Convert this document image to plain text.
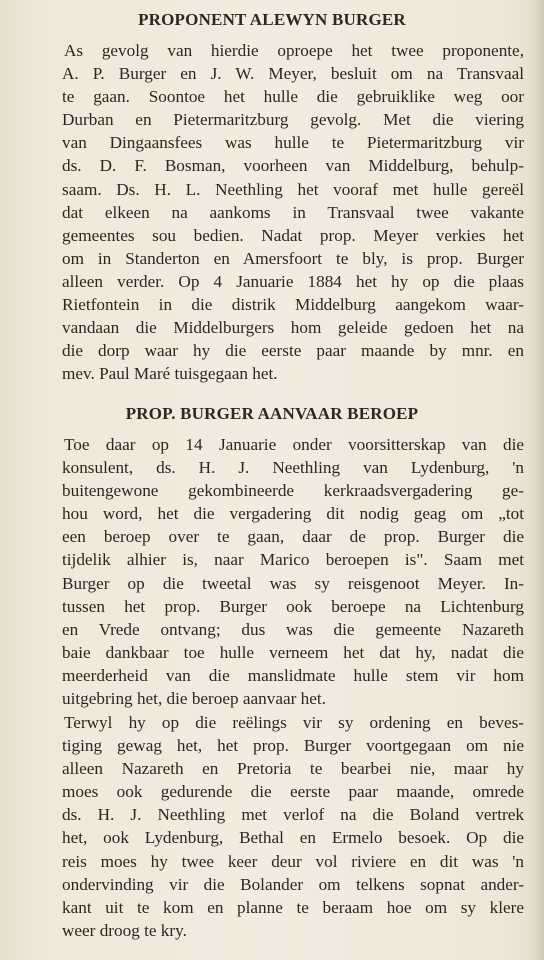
PROPONENT ALEWYN BURGER
As gevolg van hierdie oproepe het twee proponente,
A. P. Burger en J. W. Meyer, besluit om na Transvaal
te gaan. Soontoe het hulle die gebruiklike weg oor
Durban en Pietermaritzburg gevolg. Met die viering
van Dingaansfees was hulle te Pietermaritzburg vir
ds. D. F. Bosman, voorheen van Middelburg, behulp-
saam. Ds. H. L. Neethling het vooraf met hulle gereël
dat elkeen na aankoms in Transvaal twee vakante
gemeentes sou bedien. Nadat prop. Meyer verkies het
om in Standerton en Amersfoort te bly, is prop. Burger
alleen verder. Op 4 Januarie 1884 het hy op die plaas
Rietfontein in die distrik Middelburg aangekom waar-
vandaan die Middelburgers hom geleide gedoen het na
die dorp waar hy die eerste paar maande by mnr. en
mev. Paul Maré tuisgegaan het.
PROP. BURGER AANVAAR BEROEP
Toe daar op 14 Januarie onder voorsitterskap van die
konsulent, ds. H. J. Neethling van Lydenburg, 'n
buitengewone gekombineerde kerkraadsvergadering ge-
hou word, het die vergadering dit nodig geag om „tot
een beroep over te gaan, daar de prop. Burger die
tijdelik alhier is, naar Marico beroepen is". Saam met
Burger op die tweetal was sy reisgenoot Meyer. In-
tussen het prop. Burger ook beroepe na Lichtenburg
en Vrede ontvang; dus was die gemeente Nazareth
baie dankbaar toe hulle verneem het dat hy, nadat die
meerderheid van die manslidmate hulle stem vir hom
uitgebring het, die beroep aanvaar het.
Terwyl hy op die reëlings vir sy ordening en beves-
tiging gewag het, het prop. Burger voortgegaan om nie
alleen Nazareth en Pretoria te bearbei nie, maar hy
moes ook gedurende die eerste paar maande, omrede
ds. H. J. Neethling met verlof na die Boland vertrek
het, ook Lydenburg, Bethal en Ermelo besoek. Op die
reis moes hy twee keer deur vol riviere en dit was 'n
ondervinding vir die Bolander om telkens sopnat ander-
kant uit te kom en planne te beraam hoe om sy klere
weer droog te kry.
